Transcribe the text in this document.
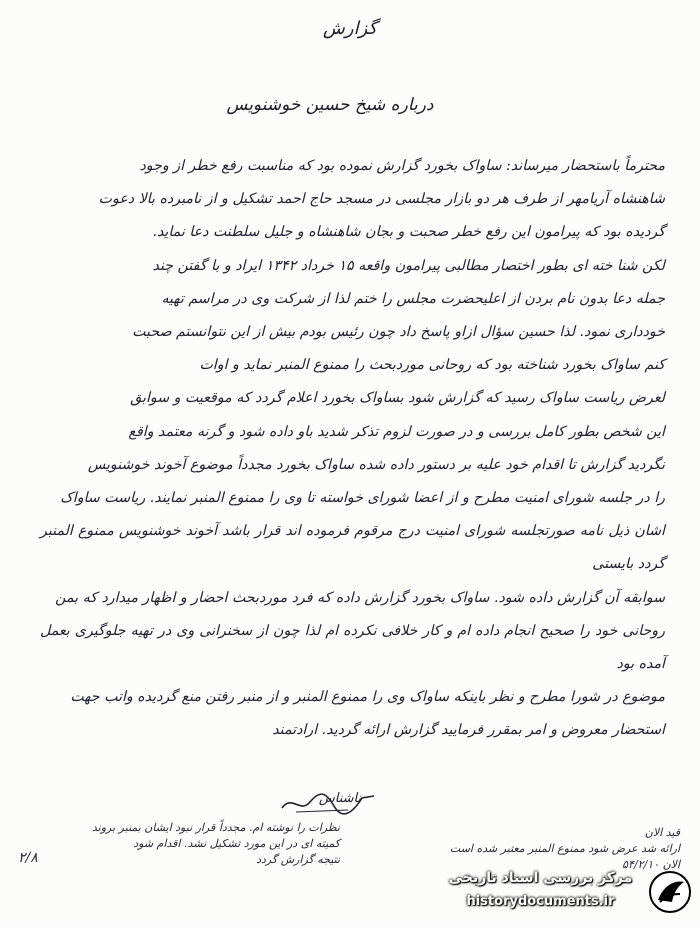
گزارش
درباره شیخ حسین خوشنویس

محترماً باستحضار میرساند: ساواک بخورد گزارش نموده بود که مناسبت رفع خطر از وجود

شاهنشاه آریامهر از طرف هر دو بازار مجلسی در مسجد حاج احمد تشکیل و از نامبرده بالا دعوت

گردیده بود که پیرامون این رفع خطر صحبت و بجان شاهنشاه و جلیل سلطنت دعا نماید.

لکن شنا خته ای بطور اختصار مطالبی پیرامون واقعه ۱۵ خرداد ۱۳۴۲ ایراد و با گفتن چند

جمله دعا بدون نام بردن از اعلیحضرت مجلس را ختم لذا از شرکت وی در مراسم تهیه

خودداری نمود. لذا حسین سؤال ازاو پاسخ داد چون رئیس بودم بیش از این نتوانستم صحبت

کنم ساواک بخورد شناخته بود که روحانی موردبحث را ممنوع المنبر نماید و اوات

لعرض ریاست ساواک رسید که گزارش شود بساواک بخورد اعلام گردد که موقعیت و سوابق

این شخص بطور کامل بررسی و در صورت لزوم تذکر شدید باو داده شود و گرنه معتمد واقع

نگردید گزارش تا اقدام خود علیه بر دستور داده شده ساواک بخورد مجدداً موضوع آخوند خوشنویس

را در جلسه شورای امنیت مطرح و از اعضا شورای خواسته تا وی را ممنوع المنبر نمایند. ریاست ساواک

اشان ذیل نامه صورتجلسه شورای امنیت درج مرقوم فرموده اند قرار باشد آخوند خوشنویس ممنوع المنبر گردد بایستی

سوابقه آن گزارش داده شود. ساواک بخورد گزارش داده که فرد موردبحث احضار و اظهار میدارد که بمن

روحانی خود را صحیح انجام داده ام و کار خلافی نکرده ام لذا چون از سخنرانی وی در تهیه جلوگیری بعمل آمده بود

موضوع در شورا مطرح و نظر باینکه ساواک وی را ممنوع المنبر و از منبر رفتن منع گردیده واتب جهت

استحضار معروض و امر بمقرر فرمایید گزارش ارائه گردید. ارادتمند

ناشناس
قید الان
ارائه شد عرض شود ممنوع المنبر معتبر شده است
الان ۵۴/۲/۱۰
نظرات را نوشته ام. مجدداً قرار نبود ایشان بمنبر بروند
کمیته ای در این مورد تشکیل نشد. اقدام شود
نتیجه گزارش گردد
۲/۸
مرکز بررسی اسناد تاریخی
historydocuments.ir
